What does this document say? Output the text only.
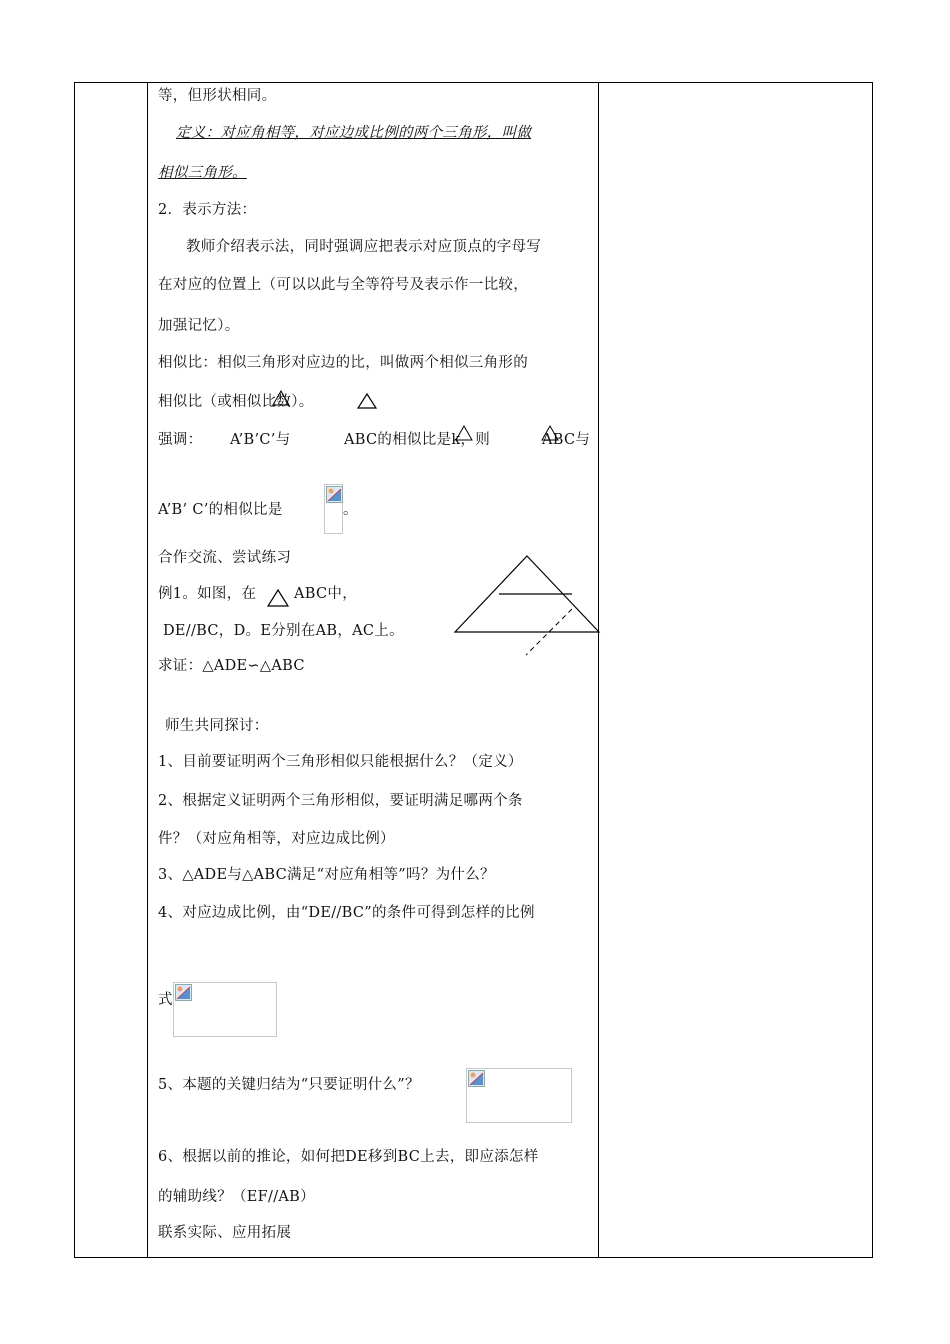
等，但形状相同。
定义：对应角相等，对应边成比例的两个三角形，叫做
相似三角形。
2．表示方法：
教师介绍表示法，同时强调应把表示对应顶点的字母写
在对应的位置上（可以以此与全等符号及表示作一比较，
加强记忆）。
相似比：相似三角形对应边的比，叫做两个相似三角形的
相似比（或相似比数）。
强调： A’B’C’与	ABC的相似比是k，则	ABC与
A’B’ C’的相似比是	。
合作交流、尝试练习
例1。如图，在	ABC中，
DE//BC，D。E分别在AB，AC上。
求证：△ADE∽△ABC
师生共同探讨：
1、目前要证明两个三角形相似只能根据什么？（定义）
2、根据定义证明两个三角形相似，要证明满足哪两个条
件？（对应角相等，对应边成比例）
3、△ADE与△ABC满足“对应角相等”吗？为什么？
4、对应边成比例，由“DE//BC”的条件可得到怎样的比例
式
5、本题的关键归结为“只要证明什么”？
6、根据以前的推论，如何把DE移到BC上去，即应添怎样
的辅助线？（EF//AB）
联系实际、应用拓展
